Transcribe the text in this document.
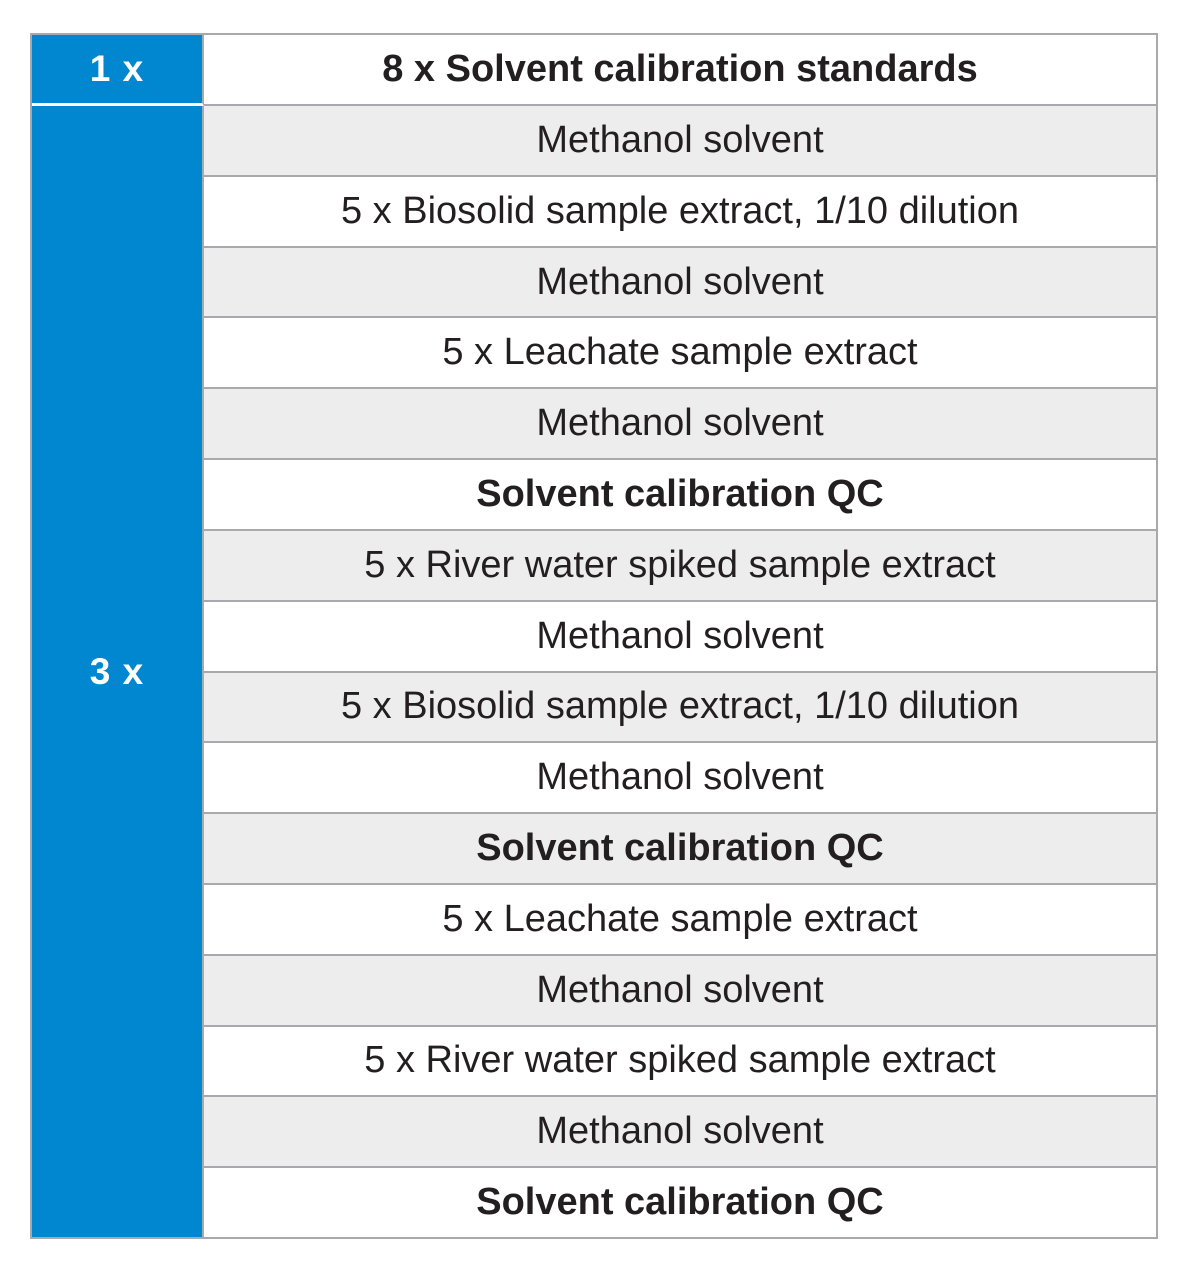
1 x	8 x Solvent calibration standards
3 x
Methanol solvent
5 x Biosolid sample extract, 1/10 dilution
Methanol solvent
5 x Leachate sample extract
Methanol solvent
Solvent calibration QC
5 x River water spiked sample extract
Methanol solvent
5 x Biosolid sample extract, 1/10 dilution
Methanol solvent
Solvent calibration QC
5 x Leachate sample extract
Methanol solvent
5 x River water spiked sample extract
Methanol solvent
Solvent calibration QC
